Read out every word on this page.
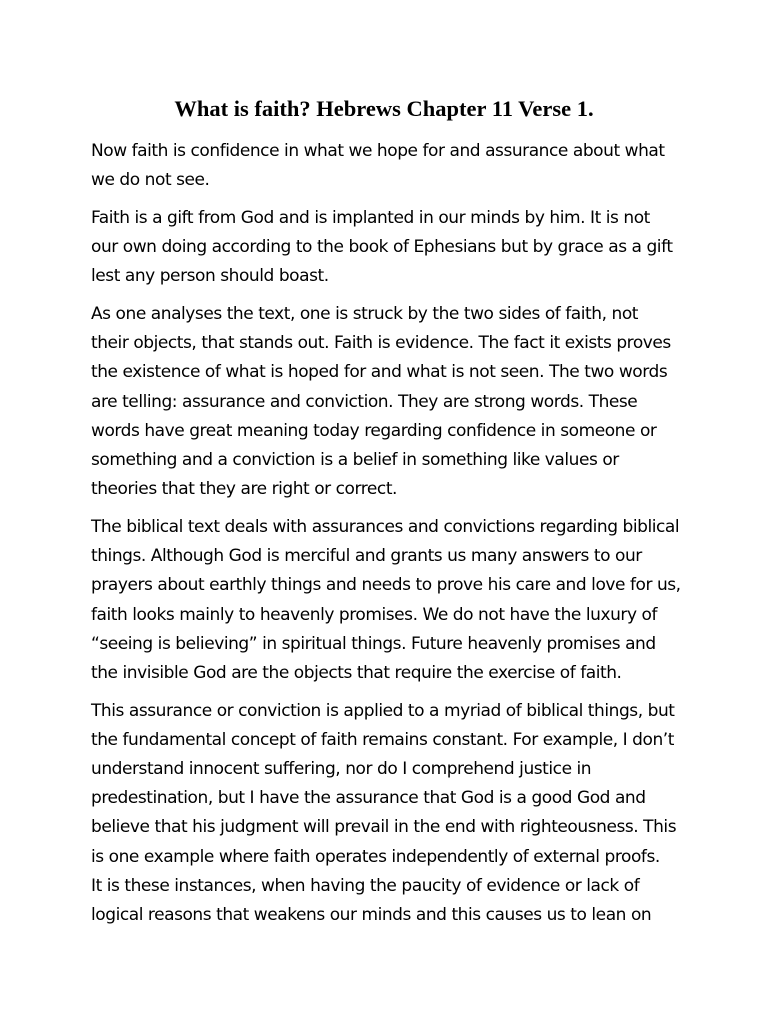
What is faith? Hebrews Chapter 11 Verse 1.

Now faith is confidence in what we hope for and assurance about what
we do not see.

Faith is a gift from God and is implanted in our minds by him. It is not
our own doing according to the book of Ephesians but by grace as a gift
lest any person should boast.

As one analyses the text, one is struck by the two sides of faith, not
their objects, that stands out. Faith is evidence. The fact it exists proves
the existence of what is hoped for and what is not seen. The two words
are telling: assurance and conviction. They are strong words. These
words have great meaning today regarding confidence in someone or
something and a conviction is a belief in something like values or
theories that they are right or correct.

The biblical text deals with assurances and convictions regarding biblical
things. Although God is merciful and grants us many answers to our
prayers about earthly things and needs to prove his care and love for us,
faith looks mainly to heavenly promises. We do not have the luxury of
“seeing is believing” in spiritual things. Future heavenly promises and
the invisible God are the objects that require the exercise of faith.

This assurance or conviction is applied to a myriad of biblical things, but
the fundamental concept of faith remains constant. For example, I don’t
understand innocent suffering, nor do I comprehend justice in
predestination, but I have the assurance that God is a good God and
believe that his judgment will prevail in the end with righteousness. This
is one example where faith operates independently of external proofs.
It is these instances, when having the paucity of evidence or lack of
logical reasons that weakens our minds and this causes us to lean on
